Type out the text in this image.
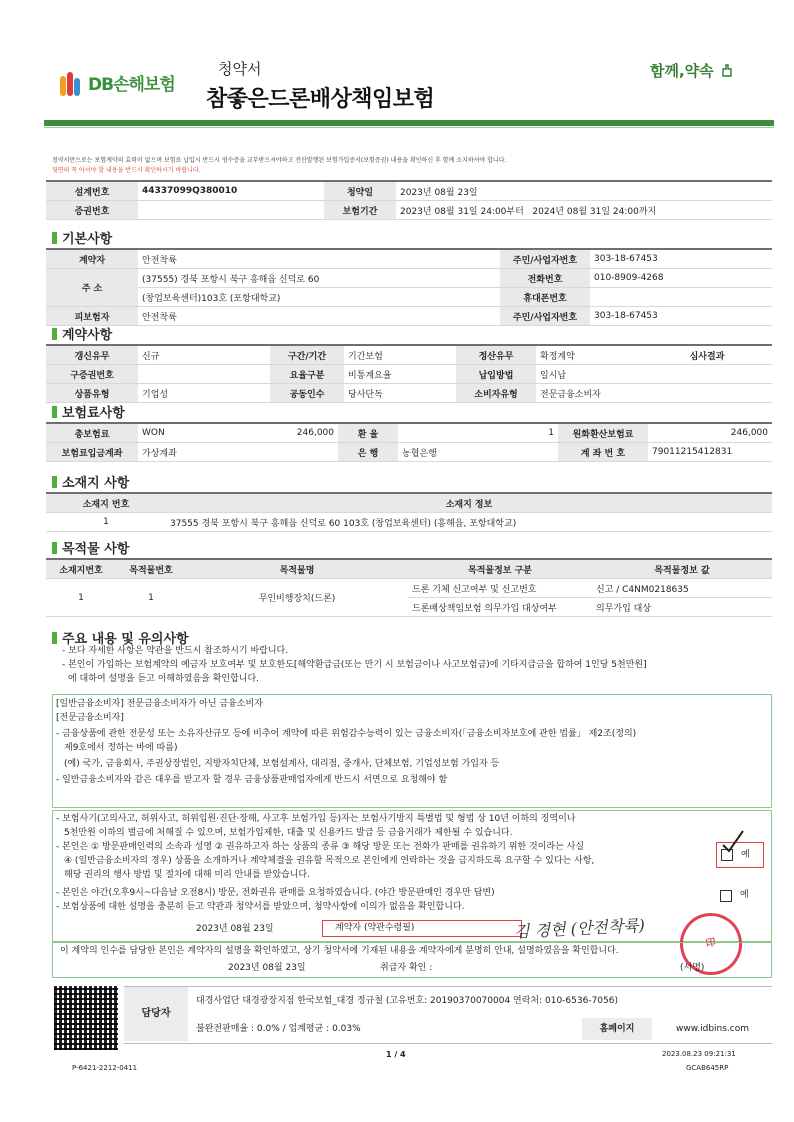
DB손해보험
청약서
참좋은드론배상책임보험
함께,약속
청약서만으로는 보험계약의 효력이 없으며 보험료 납입시 반드시 영수증을 교부받으셔야하고 전산발행된 보험가입증서(보험증권) 내용을 확인하신 후 함께 소지하셔야 합니다.
뒷면의 꼭 아셔야 할 내용을 반드시 확인하시기 바랍니다.
설계번호	44337099Q380010	청약일	2023년 08월 23일
증권번호		보험기간	2023년 08월 31일 24:00부터 2024년 08월 31일 24:00까지
기본사항
계약자	안전착륙	주민/사업자번호	303-18-67453
주 소	(37555) 경북 포항시 북구 흥해읍 신덕로 60	전화번호	010-8909-4268
	(창업보육센터)103호 (포항대학교)	휴대폰번호	
피보험자	안전착륙	주민/사업자번호	303-18-67453
계약사항
갱신유무	신규	구간/기간	기간보험	정산유무	확정계약	심사결과
구증권번호		요율구분	비통계요율	납입방법	일시납	
상품유형	기업성	공동인수	당사단독	소비자유형	전문금융소비자	
보험료사항
총보험료	WON	246,000	환 율	1	원화환산보험료	246,000
보험료입금계좌	가상계좌		은 행	농협은행	계 좌 번 호	79011215412831
소재지 사항
소재지 번호	소재지 정보
1	37555 경북 포항시 북구 흥해읍 신덕로 60 103호 (창업보육센터) (흥해읍, 포항대학교)
목적물 사항
소재지번호	목적물번호	목적물명	목적물정보 구분	목적물정보 값
1	1	무인비행장치(드론)	드론 기체 신고여부 및 신고번호	신고 / C4NM0218635
			드론배상책임보험 의무가입 대상여부	의무가입 대상
주요 내용 및 유의사항
- 보다 자세한 사항은 약관을 반드시 참조하시기 바랍니다.
- 본인이 가입하는 보험계약의 예금자 보호여부 및 보호한도[해약환급금(또는 만기 시 보험금이나 사고보험금)에 기타지급금을 합하여 1인당 5천만원]
에 대하여 설명을 듣고 이해하였음을 확인합니다.
[일반금융소비자] 전문금융소비자가 아닌 금융소비자
[전문금융소비자]
- 금융상품에 관한 전문성 또는 소유자산규모 등에 비추어 계약에 따른 위험감수능력이 있는 금융소비자(「금융소비자보호에 관한 법률」 제2조(정의)
제9호에서 정하는 바에 따름)
(예) 국가, 금융회사, 주권상장법인, 지방자치단체, 보험설계사, 대리점, 중개사, 단체보험, 기업성보험 가입자 등
- 일반금융소비자와 같은 대우를 받고자 할 경우 금융상품판매업자에게 반드시 서면으로 요청해야 함
- 보험사기(고의사고, 허위사고, 허위입원·진단·장해, 사고후 보험가입 등)자는 보험사기방지 특별법 및 형법 상 10년 이하의 징역이나
5천만원 이하의 벌금에 처해질 수 있으며, 보험가입제한, 대출 및 신용카드 발급 등 금융거래가 제한될 수 있습니다.
- 본인은 ① 방문판매인력의 소속과 성명 ② 권유하고자 하는 상품의 종류 ③ 해당 방문 또는 전화가 판매를 권유하기 위한 것이라는 사실
④ (일반금융소비자의 경우) 상품을 소개하거나 계약체결을 권유할 목적으로 본인에게 연락하는 것을 금지하도록 요구할 수 있다는 사항,
해당 권리의 행사 방법 및 절차에 대해 미리 안내를 받았습니다.
- 본인은 야간(오후9시~다음날 오전8시) 방문, 전화권유 판매를 요청하였습니다. (야간 방문판매인 경우만 답변)
- 보험상품에 대한 설명을 충분히 듣고 약관과 청약서를 받았으며, 청약사항에 이의가 없음을 확인합니다.
예
예
2023년 08월 23일	계약자 (약관수령필)	김 경현 (안전착륙)
印
이 계약의 인수를 담당한 본인은 계약자의 설명을 확인하였고, 상기 청약서에 기재된 내용을 계약자에게 분명히 안내, 설명하였음을 확인합니다.
2023년 08월 23일	취급자 확인 :	(서명)
담당자
대경사업단 대경광장지점 한국보험_대경 정규철 (고유번호: 20190370070004 연락처: 010-6536-7056)
불완전판매율 : 0.0% / 업계평균 : 0.03%	홈페이지	www.idbins.com
1 / 4	2023.08.23 09:21:31
P-6421-2212-0411	GCAB645RP
